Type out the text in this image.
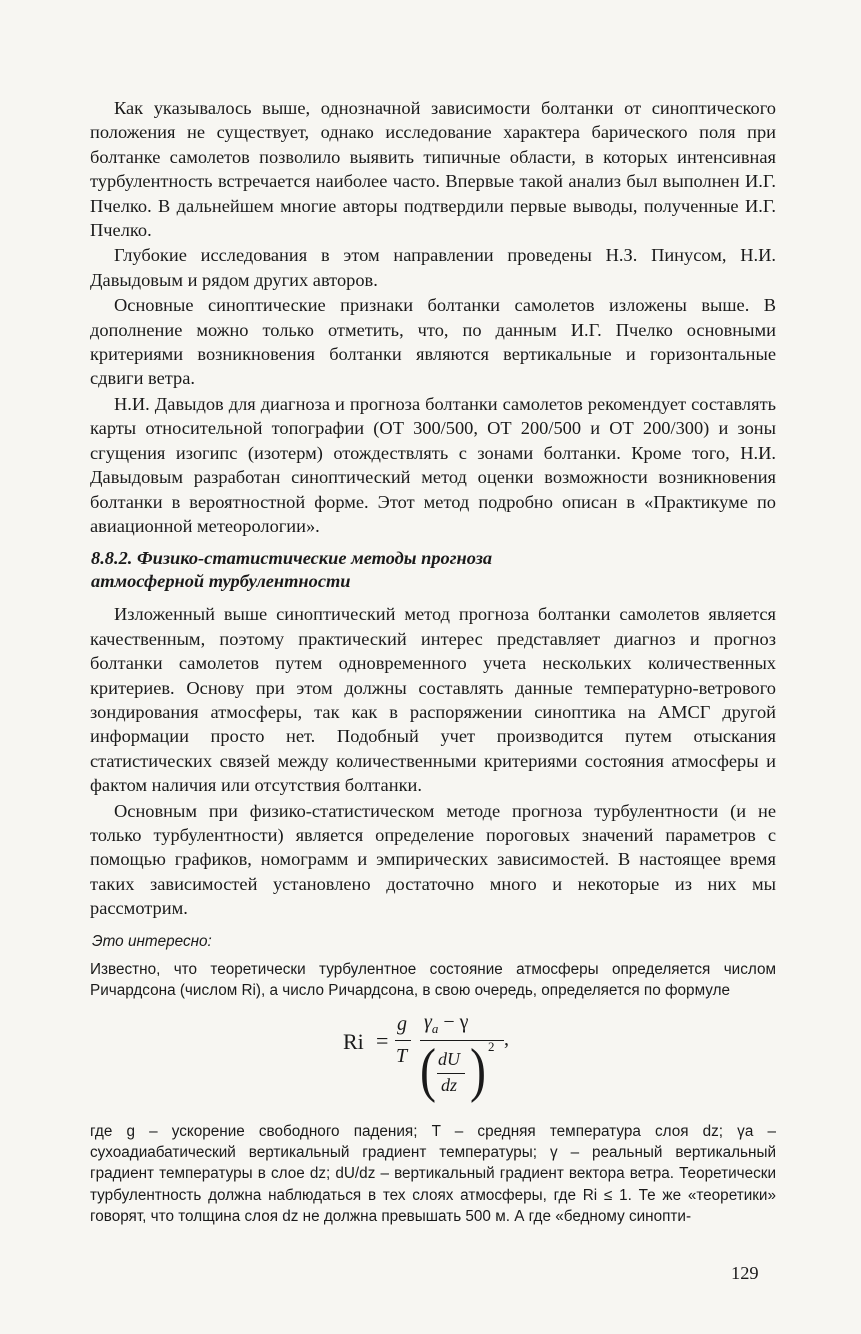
Как указывалось выше, однозначной зависимости болтанки от синоптического положения не существует, однако исследование характера барического поля при болтанке самолетов позволило выявить типичные области, в которых интенсивная турбулентность встречается наиболее часто. Впервые такой анализ был выполнен И.Г. Пчелко. В дальнейшем многие авторы подтвердили первые выводы, полученные И.Г. Пчелко.

Глубокие исследования в этом направлении проведены Н.З. Пинусом, Н.И. Давыдовым и рядом других авторов.

Основные синоптические признаки болтанки самолетов изложены выше. В дополнение можно только отметить, что, по данным И.Г. Пчелко основными критериями возникновения болтанки являются вертикальные и горизонтальные сдвиги ветра.

Н.И. Давыдов для диагноза и прогноза болтанки самолетов рекомендует составлять карты относительной топографии (ОТ 300/500, ОТ 200/500 и ОТ 200/300) и зоны сгущения изогипс (изотерм) отождествлять с зонами болтанки. Кроме того, Н.И. Давыдовым разработан синоптический метод оценки возможности возникновения болтанки в вероятностной форме. Этот метод подробно описан в «Практикуме по авиационной метеорологии».

8.8.2. Физико-статистические методы прогноза
атмосферной турбулентности

Изложенный выше синоптический метод прогноза болтанки самолетов является качественным, поэтому практический интерес представляет диагноз и прогноз болтанки самолетов путем одновременного учета нескольких количественных критериев. Основу при этом должны составлять данные температурно-ветрового зондирования атмосферы, так как в распоряжении синоптика на АМСГ другой информации просто нет. Подобный учет производится путем отыскания статистических связей между количественными критериями состояния атмосферы и фактом наличия или отсутствия болтанки.

Основным при физико-статистическом методе прогноза турбулентности (и не только турбулентности) является определение пороговых значений параметров с помощью графиков, номограмм и эмпирических зависимостей. В настоящее время таких зависимостей установлено достаточно много и некоторые из них мы рассмотрим.

Это интересно:
Известно, что теоретически турбулентное состояние атмосферы определяется числом Ричардсона (числом Ri), а число Ричардсона, в свою очередь, определяется по формуле
Ri =
g
T
$\gamma_a - \gamma$
( dU
dz ) 2 ,
где g – ускорение свободного падения; T – средняя температура слоя dz; γa – сухоадиабатический вертикальный градиент температуры; γ – реальный вертикальный градиент температуры в слое dz; dU/dz – вертикальный градиент вектора ветра. Теоретически турбулентность должна наблюдаться в тех слоях атмосферы, где Ri ≤ 1. Те же «теоретики» говорят, что толщина слоя dz не должна превышать 500 м. А где «бедному синопти-
129
